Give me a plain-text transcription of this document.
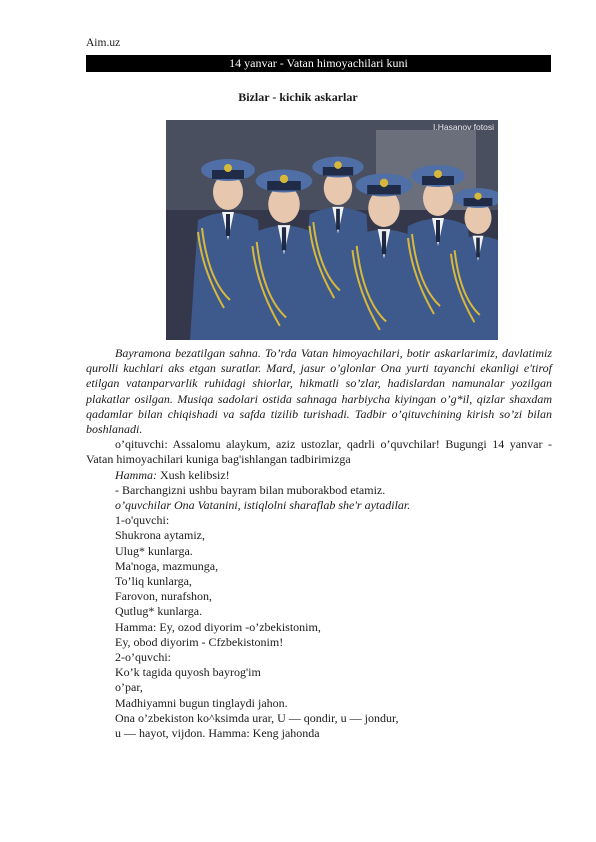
Aim.uz
14 yanvar - Vatan himoyachilari kuni
Bizlar - kichik askarlar
I.Hasanov fotosi

Bayramona bezatilgan sahna. To’rda Vatan himoyachilari, botir askarlarimiz, davlatimiz qurolli kuchlari aks etgan suratlar. Mard, jasur o’glonlar Ona yurti tayanchi ekanligi e'tirof etilgan vatanparvarlik ruhidagi shiorlar, hikmatli so’zlar, hadislardan namunalar yozilgan plakatlar osilgan. Musiqa sadolari ostida sahnaga harbiycha kiyingan o’g*il, qizlar shaxdam qadamlar bilan chiqishadi va safda tizilib turishadi. Tadbir o’qituvchining kirish so’zi bilan boshlanadi.

o’qituvchi: Assalomu alaykum, aziz ustozlar, qadrli o’quvchilar! Bugungi 14 yanvar - Vatan himoyachilari kuniga bag'ishlangan tadbirimizga

Hamma: Xush kelibsiz!

- Barchangizni ushbu bayram bilan muborakbod etamiz.

o’quvchilar Ona Vatanini, istiqlolni sharaflab she'r aytadilar.

1-o'quvchi:

Shukrona aytamiz,

Ulug* kunlarga.

Ma'noga, mazmunga,

To’liq kunlarga,

Farovon, nurafshon,

Qutlug* kunlarga.

Hamma: Ey, ozod diyorim -o’zbekistonim,

Ey, obod diyorim - Cfzbekistonim!

2-o’quvchi:

Ko’k tagida quyosh bayrog'im

o’par,

Madhiyamni bugun tinglaydi jahon.

Ona o’zbekiston ko^ksimda urar, U — qondir, u — jondur,

u — hayot, vijdon. Hamma: Keng jahonda
